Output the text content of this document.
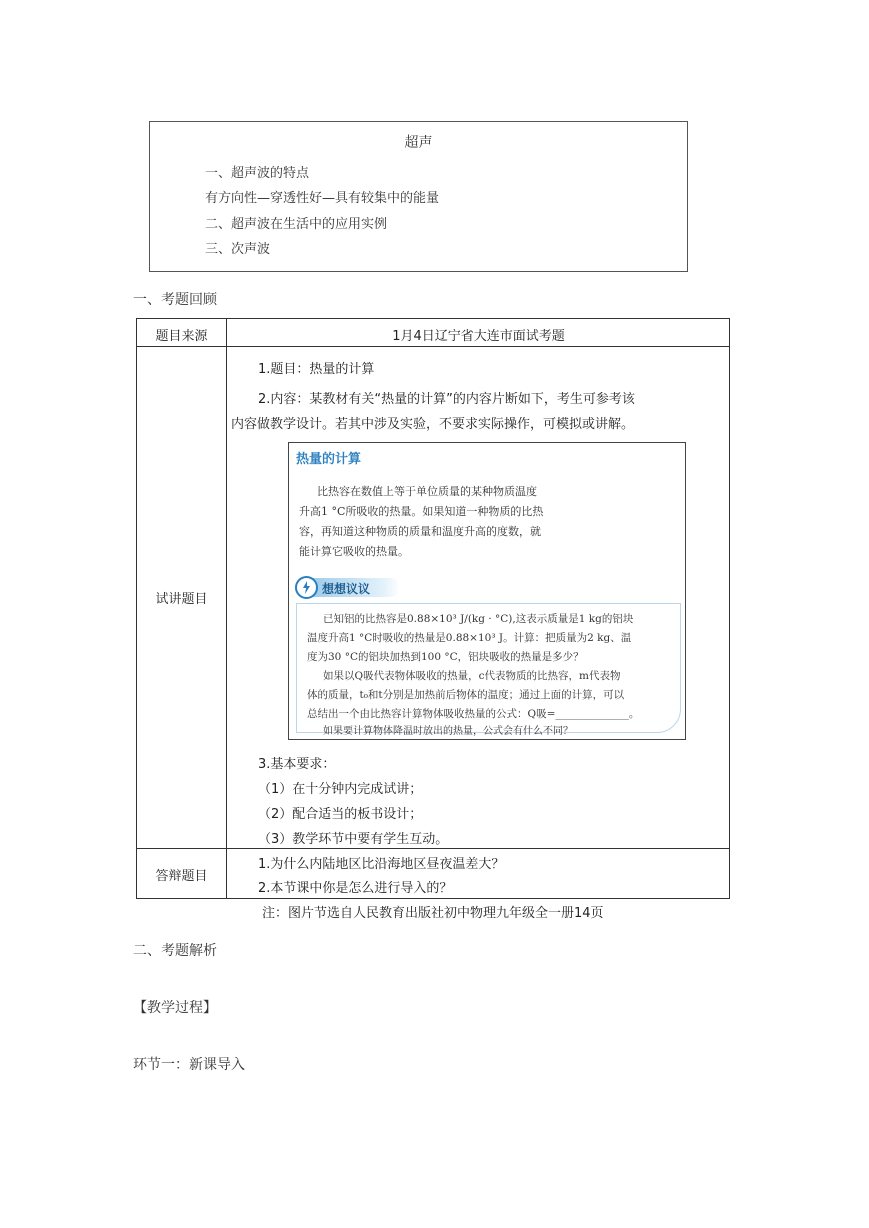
超声
一、超声波的特点
有方向性—穿透性好—具有较集中的能量
二、超声波在生活中的应用实例
三、次声波
一、考题回顾
题目来源	1月4日辽宁省大连市面试考题
试讲题目
1.题目：热量的计算
2.内容：某教材有关“热量的计算”的内容片断如下，考生可参考该
内容做教学设计。若其中涉及实验，不要求实际操作，可模拟或讲解。
热量的计算
比热容在数值上等于单位质量的某种物质温度
升高1 °C所吸收的热量。如果知道一种物质的比热
容，再知道这种物质的质量和温度升高的度数，就
能计算它吸收的热量。
想想议议
已知铝的比热容是0.88×10³ J/(kg · °C),这表示质量是1 kg的铝块
温度升高1 °C时吸收的热量是0.88×10³ J。计算：把质量为2 kg、温
度为30 °C的铝块加热到100 °C，铝块吸收的热量是多少？
如果以Q吸代表物体吸收的热量，c代表物质的比热容，m代表物
体的质量，t₀和t分别是加热前后物体的温度；通过上面的计算，可以
总结出一个由比热容计算物体吸收热量的公式：Q吸=______________。
如果要计算物体降温时放出的热量，公式会有什么不同？
3.基本要求：
（1）在十分钟内完成试讲；
（2）配合适当的板书设计；
（3）教学环节中要有学生互动。
答辩题目
1.为什么内陆地区比沿海地区昼夜温差大？
2.本节课中你是怎么进行导入的？
注：图片节选自人民教育出版社初中物理九年级全一册14页
二、考题解析
【教学过程】
环节一：新课导入
